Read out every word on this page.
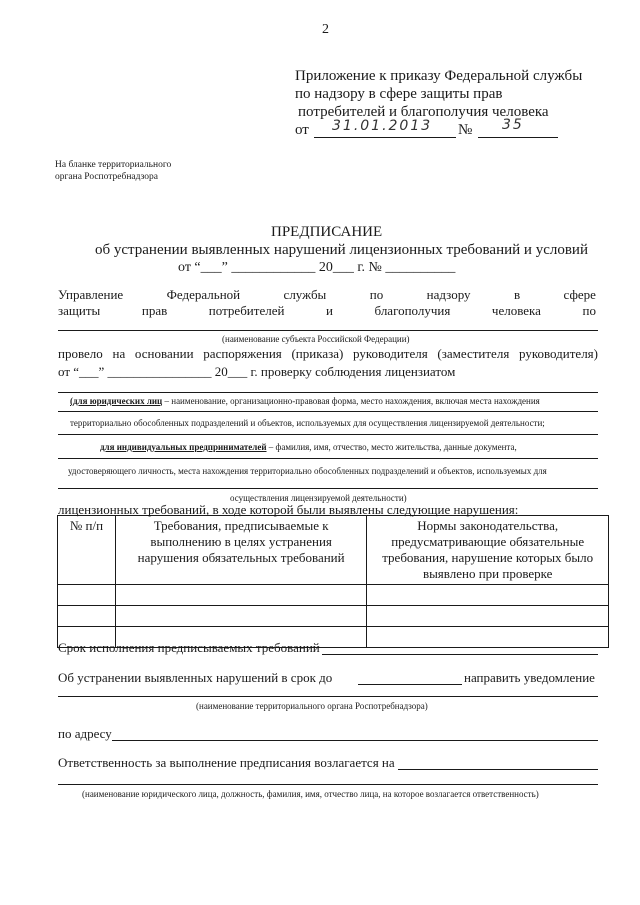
2
Приложение к приказу Федеральной службы
по надзору в сфере защиты прав
потребителей и благополучия человека
от 31.01.2013 № 35
На бланке территориального
органа Роспотребнадзора
ПРЕДПИСАНИЕ
об устранении выявленных нарушений лицензионных требований и условий
от “___” ____________ 20___ г. № __________
Управление	Федеральной	службы	по	надзору	в	сфере
защиты	прав	потребителей	и	благополучия	человека	по
(наименование субъекта Российской Федерации)
провело на основании распоряжения (приказа) руководителя (заместителя руководителя)
от “___” ________________ 20___ г. проверку соблюдения лицензиатом
(для юридических лиц – наименование, организационно-правовая форма, место нахождения, включая места нахождения
территориально обособленных подразделений и объектов, используемых для осуществления лицензируемой деятельности;
для индивидуальных предпринимателей – фамилия, имя, отчество, место жительства, данные документа,
удостоверяющего личность, места нахождения территориально обособленных подразделений и объектов, используемых для
осуществления лицензируемой деятельности)
лицензионных требований, в ходе которой были выявлены следующие нарушения:
№ п/п	Требования, предписываемые к выполнению в целях устранения нарушения обязательных требований	Нормы законодательства, предусматривающие обязательные требования, нарушение которых было выявлено при проверке

Срок исполнения предписываемых требований
Об устранении выявленных нарушений в срок до	направить уведомление
(наименование территориального органа Роспотребнадзора)
по адресу
Ответственность за выполнение предписания возлагается на
(наименование юридического лица, должность, фамилия, имя, отчество лица, на которое возлагается ответственность)
